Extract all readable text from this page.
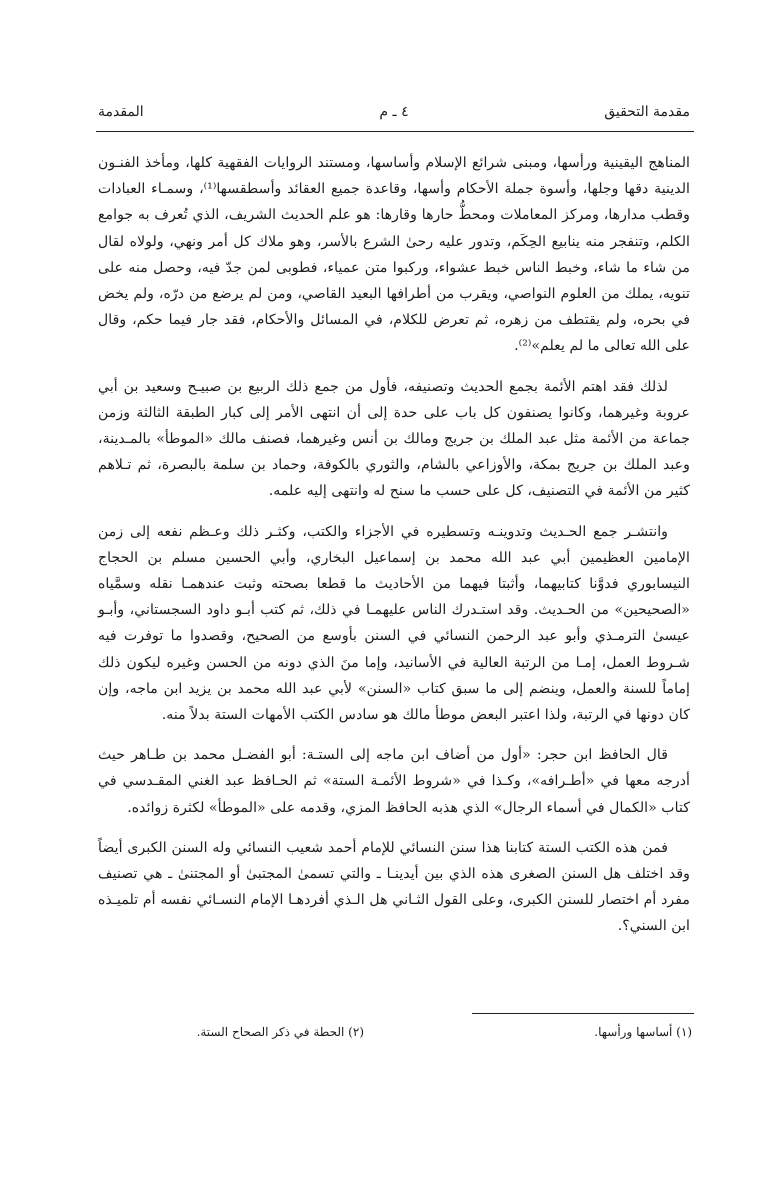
مقدمة التحقيق
٤ ـ م
المقدمة

المناهج اليقينية ورأسها، ومبنى شرائع الإسلام وأساسها، ومستند الروايات الفقهية كلها، ومأخذ الفنـون الدينية دقها وجلها، وأسوة جملة الأحكام وأسها، وقاعدة جميع العقائد وأسطقسها⁽¹⁾، وسمـاء العبادات وقطب مدارها، ومركز المعاملات ومحطُّ حارها وقارها: هو علم الحديث الشريف، الذي تُعرف به جوامع الكلم، وتنفجر منه ينابيع الحِكَم، وتدور عليه رحىٰ الشرع بالأسر، وهو ملاك كل أمر ونهي، ولولاه لقال من شاء ما شاء، وخبط الناس خبط عشواء، وركبوا متن عمياء، فطوبى لمن جدّ فيه، وحصل منه على تنويه، يملك من العلوم النواصي، ويقرب من أطرافها البعيد القاصي، ومن لم يرضع من درّه، ولم يخض في بحره، ولم يقتطف من زهره، ثم تعرض للكلام، في المسائل والأحكام، فقد جار فيما حكم، وقال على الله تعالى ما لم يعلم»⁽²⁾.

لذلك فقد اهتم الأئمة بجمع الحديث وتصنيفه، فأول من جمع ذلك الربيع بن صبيـح وسعيد بن أبي عروبة وغيرهما، وكانوا يصنفون كل باب على حدة إلى أن انتهى الأمر إلى كبار الطبقة الثالثة وزمن جماعة من الأئمة مثل عبد الملك بن جريج ومالك بن أنس وغيرهما، فصنف مالك «الموطأ» بالمـدينة، وعبد الملك بن جريج بمكة، والأوزاعي بالشام، والثوري بالكوفة، وحماد بن سلمة بالبصرة، ثم تـلاهم كثير من الأئمة في التصنيف، كل على حسب ما سنح له وانتهى إليه علمه.

وانتشـر جمع الحـديث وتدوينـه وتسطيره في الأجزاء والكتب، وكثـر ذلك وعـظم نفعه إلى زمن الإمامين العظيمين أبي عبد الله محمد بن إسماعيل البخاري، وأبي الحسين مسلم بن الحجاج النيسابوري فدوَّنا كتابيهما، وأثبتا فيهما من الأحاديث ما قطعا بصحته وثبت عندهمـا نقله وسمَّياه «الصحيحين» من الحـديث. وقد استـدرك الناس عليهمـا في ذلك، ثم كتب أبـو داود السجستاني، وأبـو عيسىٰ الترمـذي وأبو عبد الرحمن النسائي في السنن بأوسع من الصحيح، وقصدوا ما توفرت فيه شـروط العمل، إمـا من الرتبة العالية في الأسانيد، وإما منَ الذي دونه من الحسن وغيره ليكون ذلك إماماً للسنة والعمل، وينضم إلى ما سبق كتاب «السنن» لأبي عبد الله محمد بن يزيد ابن ماجه، وإن كان دونها في الرتبة، ولذا اعتبر البعض موطأ مالك هو سادس الكتب الأمهات الستة بدلاً منه.

قال الحافظ ابن حجر: «أول من أضاف ابن ماجه إلى الستـة: أبو الفضـل محمد بن طـاهر حيث أدرجه معها في «أطـرافه»، وكـذا في «شروط الأئمـة الستة» ثم الحـافظ عبد الغني المقـدسي في كتاب «الكمال في أسماء الرجال» الذي هذبه الحافظ المزي، وقدمه على «الموطأ» لكثرة زوائده.

فمن هذه الكتب الستة كتابنا هذا سنن النسائي للإمام أحمد شعيب النسائي وله السنن الكبرى أيضاً وقد اختلف هل السنن الصغرى هذه الذي بين أيدينـا ـ والتي تسمىٰ المجتبىٰ أو المجتنىٰ ـ هي تصنيف مفرد أم اختصار للسنن الكبرى، وعلى القول الثـاني هل الـذي أفردهـا الإمام النسـائي نفسه أم تلميـذه ابن السني؟.

(١) أساسها ورأسها.
(٢) الحطة في ذكر الصحاح الستة.
